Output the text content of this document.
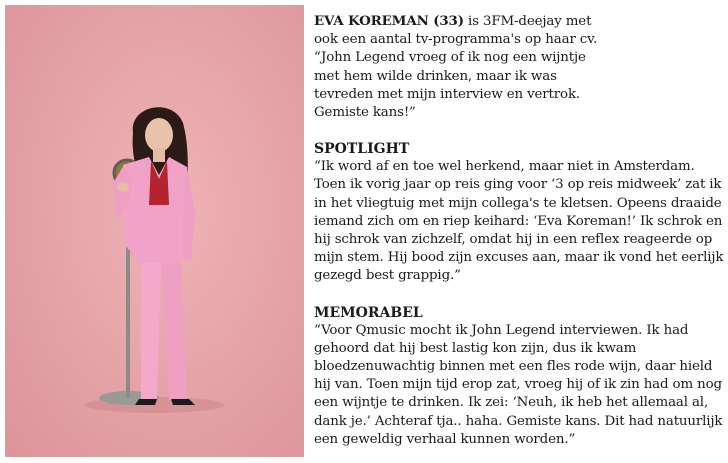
EVA KOREMAN (33) is 3FM-deejay met ook een aantal tv-programma's op haar cv. “John Legend vroeg of ik nog een wijntje met hem wilde drinken, maar ik was tevreden met mijn interview en vertrok. Gemiste kans!”

SPOTLIGHT

“Ik word af en toe wel herkend, maar niet in Amsterdam. Toen ik vorig jaar op reis ging voor ‘3 op reis midweek’ zat ik in het vliegtuig met mijn collega's te kletsen. Opeens draaide iemand zich om en riep keihard: ‘Eva Koreman!’ Ik schrok en hij schrok van zichzelf, omdat hij in een reflex reageerde op mijn stem. Hij bood zijn excuses aan, maar ik vond het eerlijk gezegd best grappig.”

MEMORABEL

“Voor Qmusic mocht ik John Legend interviewen. Ik had gehoord dat hij best lastig kon zijn, dus ik kwam bloedzenuwachtig binnen met een fles rode wijn, daar hield hij van. Toen mijn tijd erop zat, vroeg hij of ik zin had om nog een wijntje te drinken. Ik zei: ‘Neuh, ik heb het allemaal al, dank je.’ Achteraf tja.. haha. Gemiste kans. Dit had natuurlijk een geweldig verhaal kunnen worden.”
